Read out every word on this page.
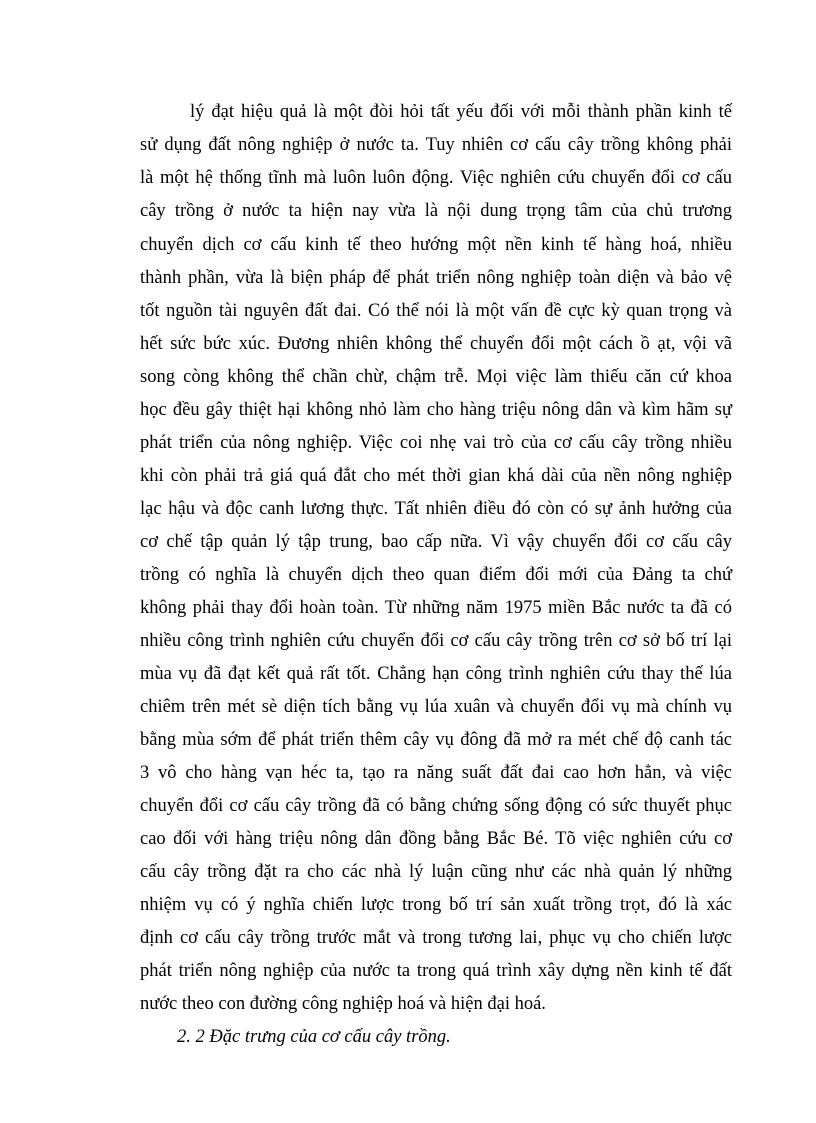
lý đạt hiệu quả là một đòi hỏi tất yếu đối với mỗi thành phần kinh tế
sử dụng đất nông nghiệp ở nước ta. Tuy nhiên cơ cấu cây trồng không phải
là một hệ thống tĩnh mà luôn luôn động. Việc nghiên cứu chuyển đổi cơ cấu
cây trồng ở nước ta hiện nay vừa là nội dung trọng tâm của chủ trương
chuyển dịch cơ cấu kinh tế theo hướng một nền kinh tế hàng hoá, nhiều
thành phần, vừa là biện pháp để phát triển nông nghiệp toàn diện và bảo vệ
tốt nguồn tài nguyên đất đai. Có thể nói là một vấn đề cực kỳ quan trọng và
hết sức bức xúc. Đương nhiên không thể chuyển đổi một cách ồ ạt, vội vã
song còng không thể chần chừ, chậm trễ. Mọi việc làm thiếu căn cứ khoa
học đều gây thiệt hại không nhỏ làm cho hàng triệu nông dân và kìm hãm sự
phát triển của nông nghiệp. Việc coi nhẹ vai trò của cơ cấu cây trồng nhiều
khi còn phải trả giá quá đắt cho mét thời gian khá dài của nền nông nghiệp
lạc hậu và độc canh lương thực. Tất nhiên điều đó còn có sự ảnh hưởng của
cơ chế tập quản lý tập trung, bao cấp nữa. Vì vậy chuyển đổi cơ cấu cây
trồng có nghĩa là chuyển dịch theo quan điểm đổi mới của Đảng ta chứ
không phải thay đổi hoàn toàn. Từ những năm 1975 miền Bắc nước ta đã có
nhiều công trình nghiên cứu chuyển đổi cơ cấu cây trồng trên cơ sở bố trí lại
mùa vụ đã đạt kết quả rất tốt. Chẳng hạn công trình nghiên cứu thay thế lúa
chiêm trên mét sè diện tích bằng vụ lúa xuân và chuyển đổi vụ mà chính vụ
bằng mùa sớm để phát triển thêm cây vụ đông đã mở ra mét chế độ canh tác
3 vô cho hàng vạn héc ta, tạo ra năng suất đất đai cao hơn hẳn, và việc
chuyển đổi cơ cấu cây trồng đã có bằng chứng sống động có sức thuyết phục
cao đối với hàng triệu nông dân đồng bằng Bắc Bé. Tõ việc nghiên cứu cơ
cấu cây trồng đặt ra cho các nhà lý luận cũng như các nhà quản lý những
nhiệm vụ có ý nghĩa chiến lược trong bố trí sản xuất trồng trọt, đó là xác
định cơ cấu cây trồng trước mắt và trong tương lai, phục vụ cho chiến lược
phát triển nông nghiệp của nước ta trong quá trình xây dựng nền kinh tế đất
nước theo con đường công nghiệp hoá và hiện đại hoá.
2. 2 Đặc trưng của cơ cấu cây trồng.
